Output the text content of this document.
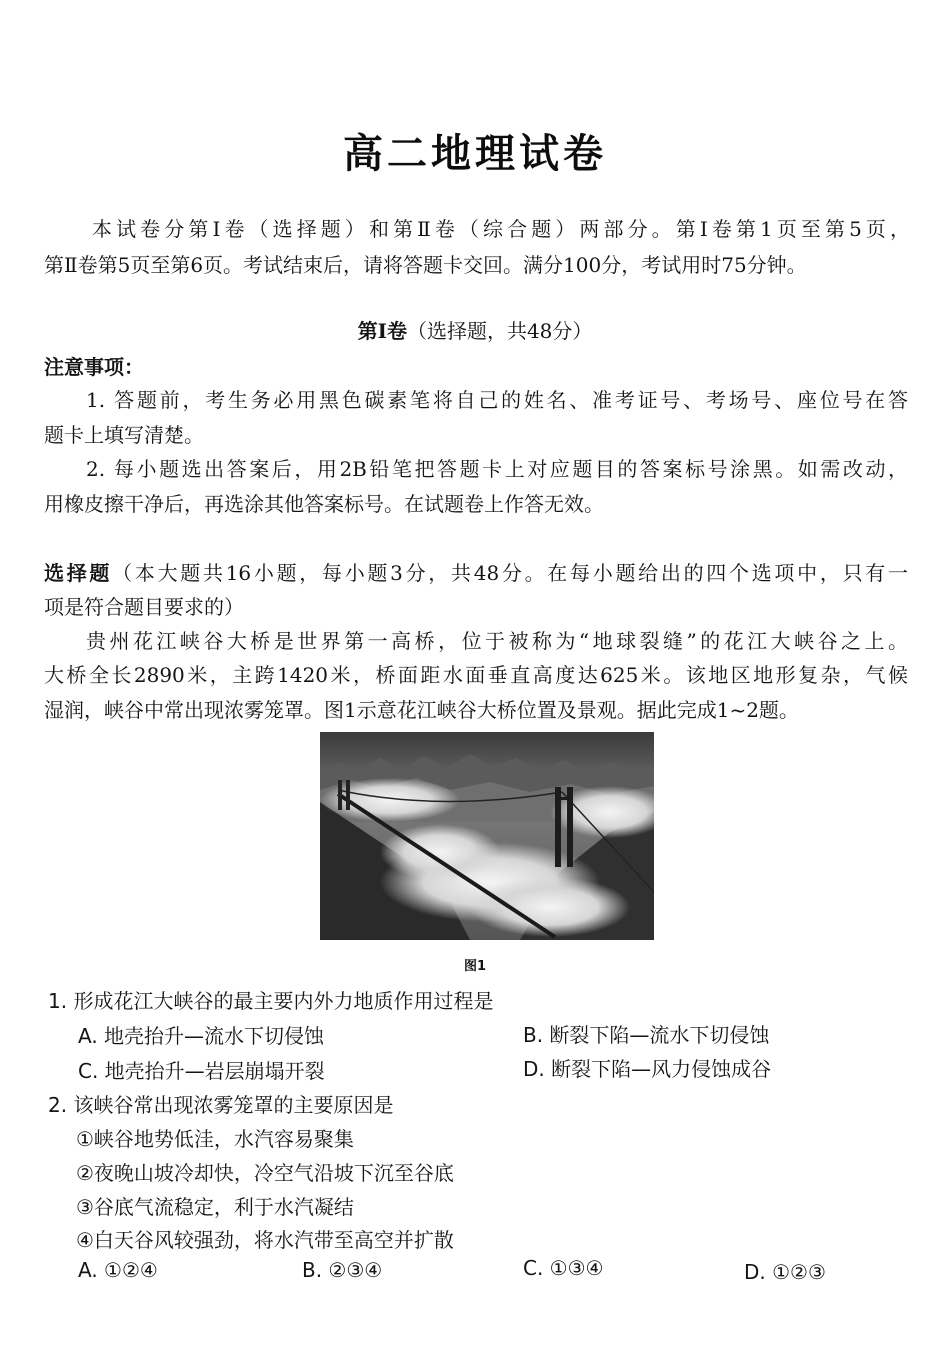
高二地理试卷
本试卷分第Ⅰ卷（选择题）和第Ⅱ卷（综合题）两部分。第Ⅰ卷第1页至第5页，
第Ⅱ卷第5页至第6页。考试结束后，请将答题卡交回。满分100分，考试用时75分钟。
第Ⅰ卷（选择题，共48分）
注意事项：
1. 答题前，考生务必用黑色碳素笔将自己的姓名、准考证号、考场号、座位号在答
题卡上填写清楚。
2. 每小题选出答案后，用2B铅笔把答题卡上对应题目的答案标号涂黑。如需改动，
用橡皮擦干净后，再选涂其他答案标号。在试题卷上作答无效。
选择题（本大题共16小题，每小题3分，共48分。在每小题给出的四个选项中，只有一
项是符合题目要求的）
贵州花江峡谷大桥是世界第一高桥，位于被称为“地球裂缝”的花江大峡谷之上。
大桥全长2890米，主跨1420米，桥面距水面垂直高度达625米。该地区地形复杂，气候
湿润，峡谷中常出现浓雾笼罩。图1示意花江峡谷大桥位置及景观。据此完成1~2题。
图1
1. 形成花江大峡谷的最主要内外力地质作用过程是
A. 地壳抬升—流水下切侵蚀	B. 断裂下陷—流水下切侵蚀
C. 地壳抬升—岩层崩塌开裂	D. 断裂下陷—风力侵蚀成谷
2. 该峡谷常出现浓雾笼罩的主要原因是
①峡谷地势低洼，水汽容易聚集
②夜晚山坡冷却快，冷空气沿坡下沉至谷底
③谷底气流稳定，利于水汽凝结
④白天谷风较强劲，将水汽带至高空并扩散
A. ①②④	B. ②③④	C. ①③④	D. ①②③
